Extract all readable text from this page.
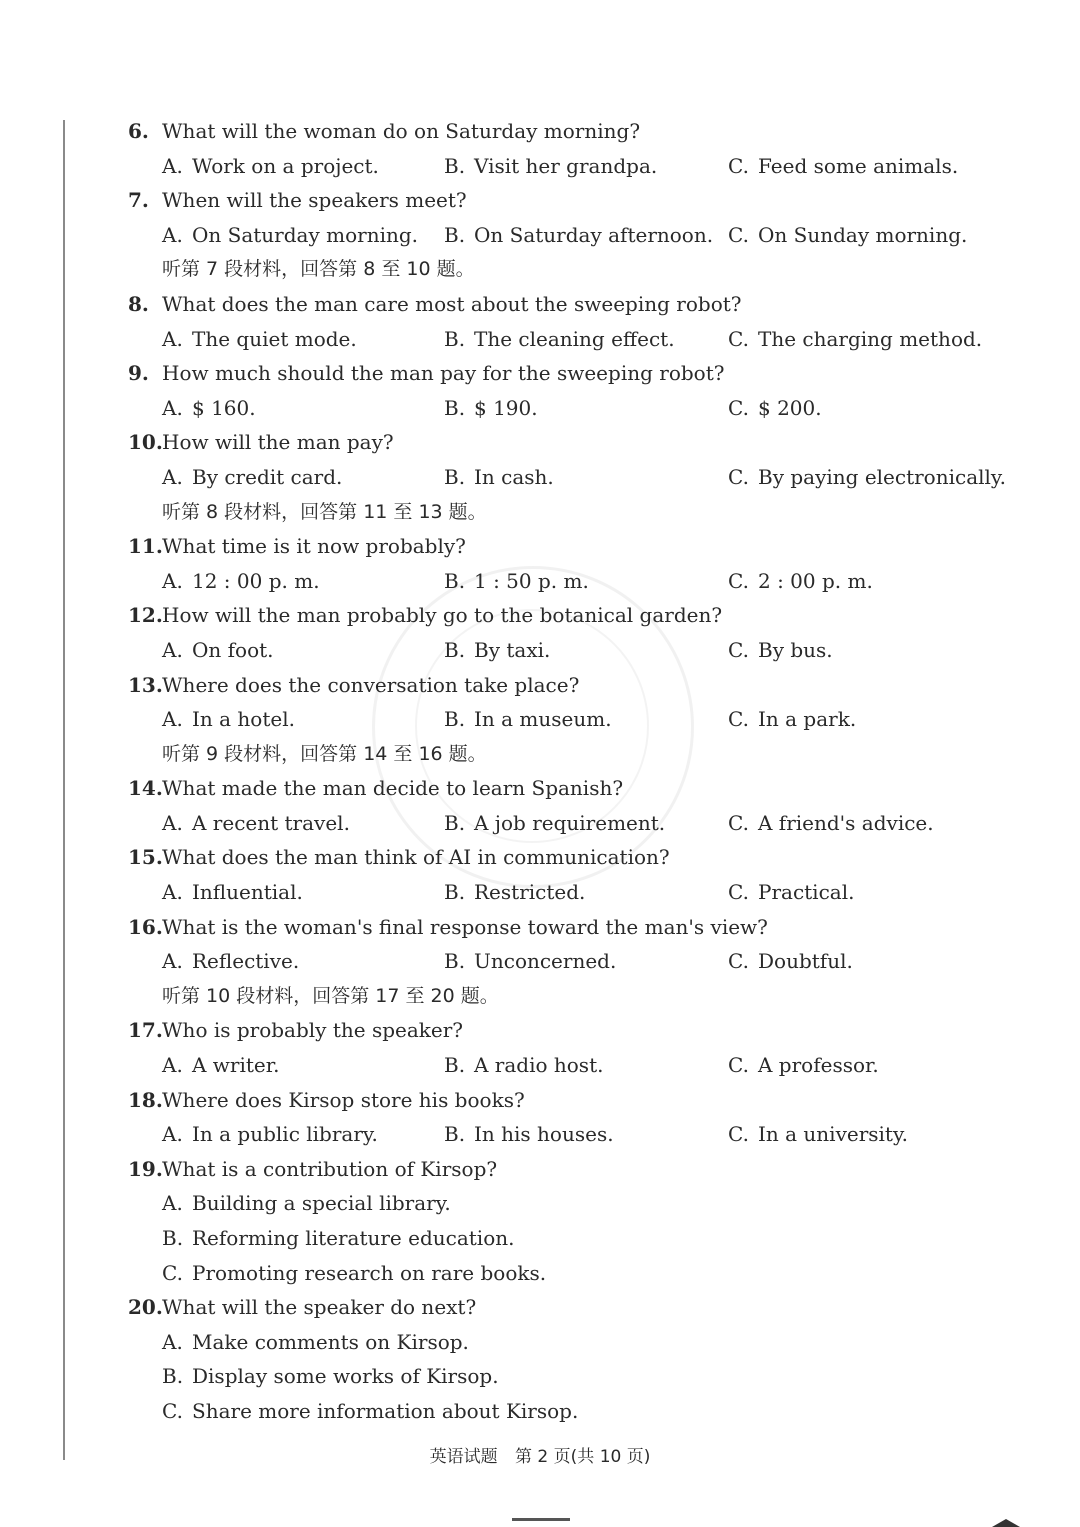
6. What will the woman do on Saturday morning?
A. Work on a project.	B. Visit her grandpa.	C. Feed some animals.
7. When will the speakers meet?
A. On Saturday morning.	B. On Saturday afternoon. C. On Sunday morning.
听第 7 段材料，回答第 8 至 10 题。
8. What does the man care most about the sweeping robot?
A. The quiet mode.	B. The cleaning effect.	C. The charging method.
9. How much should the man pay for the sweeping robot?
A. $ 160.	B. $ 190.	C. $ 200.
10. How will the man pay?
A. By credit card.	B. In cash.	C. By paying electronically.
听第 8 段材料，回答第 11 至 13 题。
11. What time is it now probably?
A. 12 : 00 p. m.	B. 1 : 50 p. m.	C. 2 : 00 p. m.
12. How will the man probably go to the botanical garden?
A. On foot.	B. By taxi.	C. By bus.
13. Where does the conversation take place?
A. In a hotel.	B. In a museum.	C. In a park.
听第 9 段材料，回答第 14 至 16 题。
14. What made the man decide to learn Spanish?
A. A recent travel.	B. A job requirement.	C. A friend's advice.
15. What does the man think of AI in communication?
A. Influential.	B. Restricted.	C. Practical.
16. What is the woman's final response toward the man's view?
A. Reflective.	B. Unconcerned.	C. Doubtful.
听第 10 段材料，回答第 17 至 20 题。
17. Who is probably the speaker?
A. A writer.	B. A radio host.	C. A professor.
18. Where does Kirsop store his books?
A. In a public library.	B. In his houses.	C. In a university.
19. What is a contribution of Kirsop?
A. Building a special library.
B. Reforming literature education.
C. Promoting research on rare books.
20. What will the speaker do next?
A. Make comments on Kirsop.
B. Display some works of Kirsop.
C. Share more information about Kirsop.
英语试题 第 2 页(共 10 页)
